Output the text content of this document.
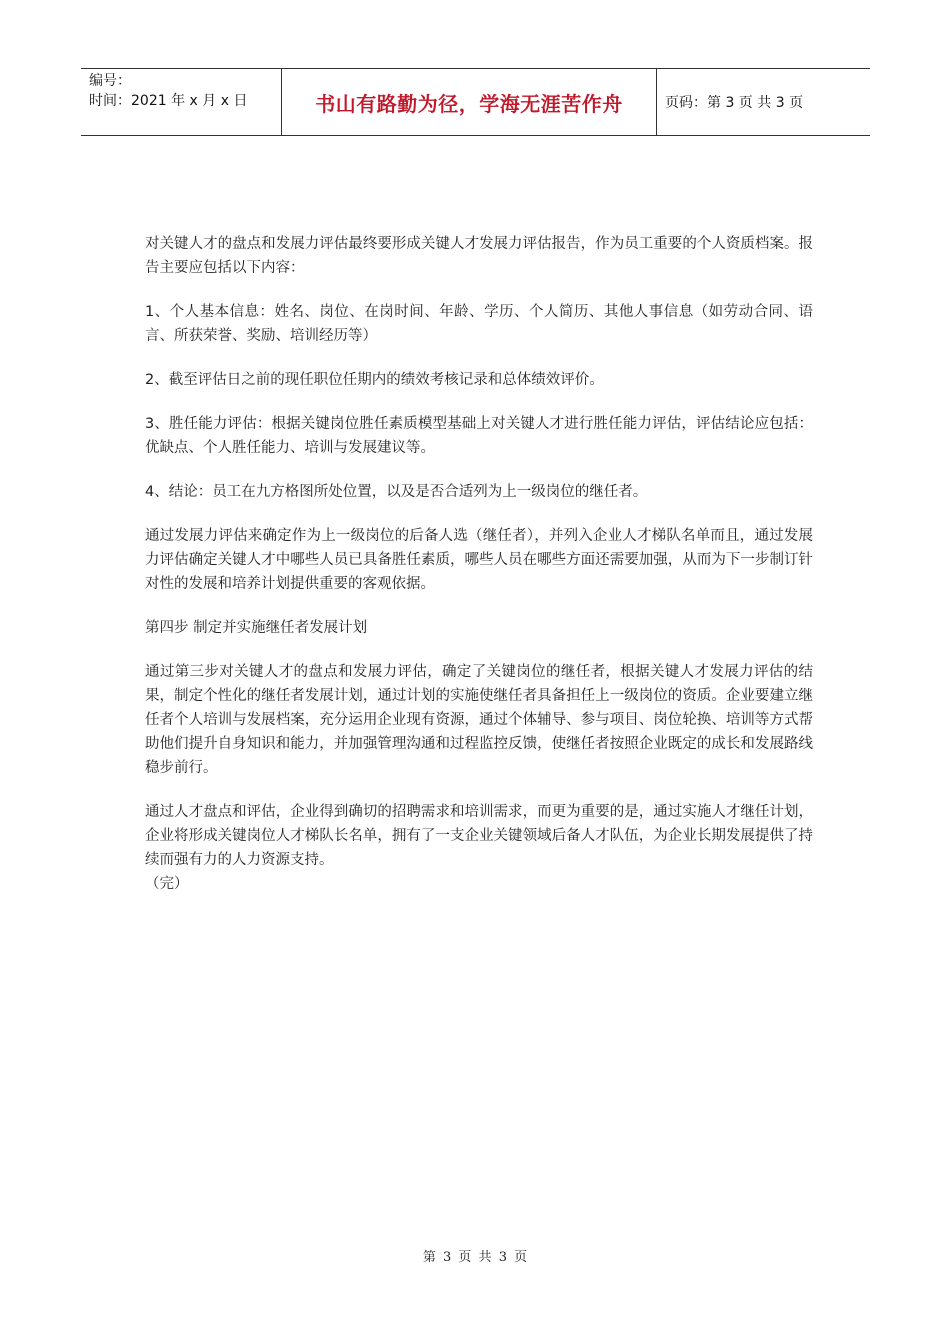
编号：
时间：2021 年 x 月 x 日	书山有路勤为径，学海无涯苦作舟	页码：第 3 页 共 3 页

对关键人才的盘点和发展力评估最终要形成关键人才发展力评估报告，作为员工重要的个人资质档案。报告主要应包括以下内容：

1、个人基本信息：姓名、岗位、在岗时间、年龄、学历、个人简历、其他人事信息（如劳动合同、语言、所获荣誉、奖励、培训经历等）

2、截至评估日之前的现任职位任期内的绩效考核记录和总体绩效评价。

3、胜任能力评估：根据关键岗位胜任素质模型基础上对关键人才进行胜任能力评估，评估结论应包括：优缺点、个人胜任能力、培训与发展建议等。

4、结论：员工在九方格图所处位置，以及是否合适列为上一级岗位的继任者。

通过发展力评估来确定作为上一级岗位的后备人选（继任者），并列入企业人才梯队名单而且，通过发展力评估确定关键人才中哪些人员已具备胜任素质，哪些人员在哪些方面还需要加强，从而为下一步制订针对性的发展和培养计划提供重要的客观依据。

第四步 制定并实施继任者发展计划

通过第三步对关键人才的盘点和发展力评估，确定了关键岗位的继任者，根据关键人才发展力评估的结果，制定个性化的继任者发展计划，通过计划的实施使继任者具备担任上一级岗位的资质。企业要建立继任者个人培训与发展档案，充分运用企业现有资源，通过个体辅导、参与项目、岗位轮换、培训等方式帮助他们提升自身知识和能力，并加强管理沟通和过程监控反馈，使继任者按照企业既定的成长和发展路线稳步前行。

通过人才盘点和评估，企业得到确切的招聘需求和培训需求，而更为重要的是，通过实施人才继任计划，企业将形成关键岗位人才梯队长名单，拥有了一支企业关键领域后备人才队伍，为企业长期发展提供了持续而强有力的人力资源支持。

（完）

第 3 页 共 3 页
